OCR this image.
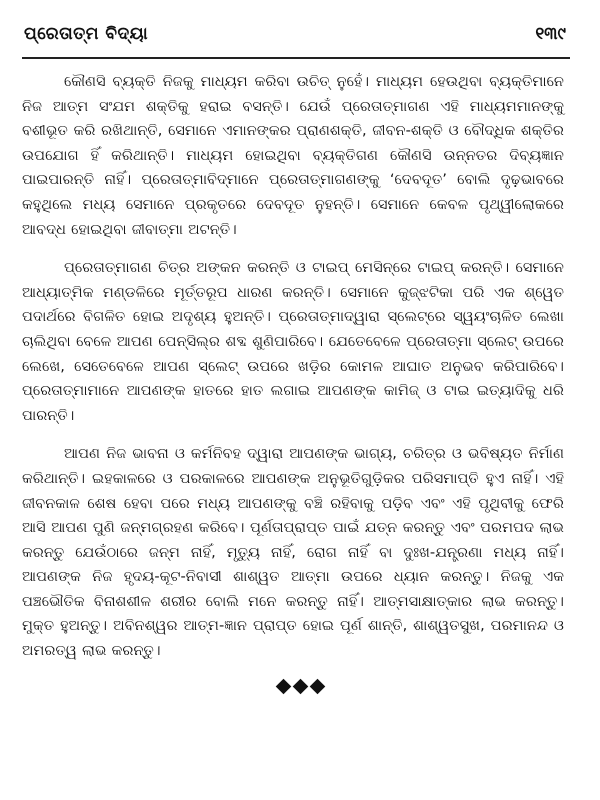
ପ୍ରେତାତ୍ମ ବିଦ୍ୟା	୧୩୯

କୌଣସି ବ୍ୟକ୍ତି ନିଜକୁ ମାଧ୍ୟମ କରିବା ଉଚିତ୍ ନୁହେଁ। ମାଧ୍ୟମ ହେଉଥିବା ବ୍ୟକ୍ତିମାନେ ନିଜ ଆତ୍ମ ସଂଯମ ଶକ୍ତିକୁ ହରାଇ ବସନ୍ତି। ଯେଉଁ ପ୍ରେତାତ୍ମାଗଣ ଏହି ମାଧ୍ୟମମାନଙ୍କୁ ବଶୀଭୂତ କରି ରଖିଥାନ୍ତି, ସେମାନେ ଏମାନଙ୍କର ପ୍ରାଣଶକ୍ତି, ଜୀବନ-ଶକ୍ତି ଓ ବୌଦ୍ଧିକ ଶକ୍ତିର ଉପଯୋଗ ହିଁ କରିଥାନ୍ତି। ମାଧ୍ୟମ ହୋଇଥିବା ବ୍ୟକ୍ତିଗଣ କୌଣସି ଉନ୍ନତର ଦିବ୍ୟଜ୍ଞାନ ପାଇପାରନ୍ତି ନାହିଁ। ପ୍ରେତାତ୍ମାବିଦ୍‌ମାନେ ପ୍ରେତାତ୍ମାଗଣଙ୍କୁ ‘ଦେବଦୂତ’ ବୋଲି ଦୃଢ଼ଭାବରେ କହୁଥିଲେ ମଧ୍ୟ ସେମାନେ ପ୍ରକୃତରେ ଦେବଦୂତ ନୁହନ୍ତି। ସେମାନେ କେବଳ ପୃଥ୍ୱୀଲୋକରେ ଆବଦ୍ଧ ହୋଇଥିବା ଜୀବାତ୍ମା ଅଟନ୍ତି।

ପ୍ରେତାତ୍ମାଗଣ ଚିତ୍ର ଅଙ୍କନ କରନ୍ତି ଓ ଟାଇପ୍ ମେସିନ୍‌ରେ ଟାଇପ୍ କରନ୍ତି। ସେମାନେ ଆଧ୍ୟାତ୍ମିକ ମଣ୍ଡଳିରେ ମୂର୍ତ୍ତରୂପ ଧାରଣ କରନ୍ତି। ସେମାନେ କୁଜ୍‌ଝଟିକା ପରି ଏକ ଶ୍ୱେତ ପଦାର୍ଥରେ ବିଗଳିତ ହୋଇ ଅଦୃଶ୍ୟ ହୁଅନ୍ତି। ପ୍ରେତାତ୍ମାଦ୍ୱାରା ସ୍ଲେଟ୍‌ରେ ସ୍ୱୟଂଚାଳିତ ଲେଖା ଚାଲିଥିବା ବେଳେ ଆପଣ ପେନ୍‌ସିଲ୍‌ର ଶବ୍ଦ ଶୁଣିପାରିବେ। ଯେତେବେଳେ ପ୍ରେତାତ୍ମା ସ୍ଲେଟ୍ ଉପରେ ଲେଖେ, ସେତେବେଳେ ଆପଣ ସ୍ଲେଟ୍ ଉପରେ ଖଡ଼ିର କୋମଳ ଆଘାତ ଅନୁଭବ କରିପାରିବେ। ପ୍ରେତାତ୍ମାମାନେ ଆପଣଙ୍କ ହାତରେ ହାତ ଲଗାଇ ଆପଣଙ୍କ କାମିଜ୍ ଓ ଟାଇ ଇତ୍ୟାଦିକୁ ଧରି ପାରନ୍ତି।

ଆପଣ ନିଜ ଭାବନା ଓ କର୍ମନିବହ ଦ୍ୱାରା ଆପଣଙ୍କ ଭାଗ୍ୟ, ଚରିତ୍ର ଓ ଭବିଷ୍ୟତ ନିର୍ମାଣ କରିଥାନ୍ତି। ଇହକାଳରେ ଓ ପରକାଳରେ ଆପଣଙ୍କ ଅନୁଭୂତିଗୁଡ଼ିକର ପରିସମାପ୍ତି ହୁଏ ନାହିଁ। ଏହି ଜୀବନକାଳ ଶେଷ ହେବା ପରେ ମଧ୍ୟ ଆପଣଙ୍କୁ ବଞ୍ଚି ରହିବାକୁ ପଡ଼ିବ ଏବଂ ଏହି ପୃଥିବୀକୁ ଫେରି ଆସି ଆପଣ ପୁଣି ଜନ୍ମଗ୍ରହଣ କରିବେ। ପୂର୍ଣତାପ୍ରାପ୍ତ ପାଇଁ ଯତ୍ନ କରନ୍ତୁ ଏବଂ ପରମପଦ ଲାଭ କରନ୍ତୁ ଯେଉଁଠାରେ ଜନ୍ମ ନାହିଁ, ମୃତ୍ୟୁ ନାହିଁ, ରୋଗ ନାହିଁ ବା ଦୁଃଖ-ଯନ୍ତ୍ରଣା ମଧ୍ୟ ନାହିଁ। ଆପଣଙ୍କ ନିଜ ହୃଦୟ-କୂଟ-ନିବାସୀ ଶାଶ୍ୱତ ଆତ୍ମା ଉପରେ ଧ୍ୟାନ କରନ୍ତୁ। ନିଜକୁ ଏକ ପଞ୍ଚଭୌତିକ ବିନାଶଶୀଳ ଶରୀର ବୋଲି ମନେ କରନ୍ତୁ ନାହିଁ। ଆତ୍ମସାକ୍ଷାତ୍କାର ଲାଭ କରନ୍ତୁ। ମୁକ୍ତ ହୁଅନ୍ତୁ। ଅବିନଶ୍ୱର ଆତ୍ମ-ଜ୍ଞାନ ପ୍ରାପ୍ତ ହୋଇ ପୂର୍ଣ ଶାନ୍ତି, ଶାଶ୍ୱତସୁଖ, ପରମାନନ୍ଦ ଓ ଅମରତ୍ୱ ଲାଭ କରନ୍ତୁ।
